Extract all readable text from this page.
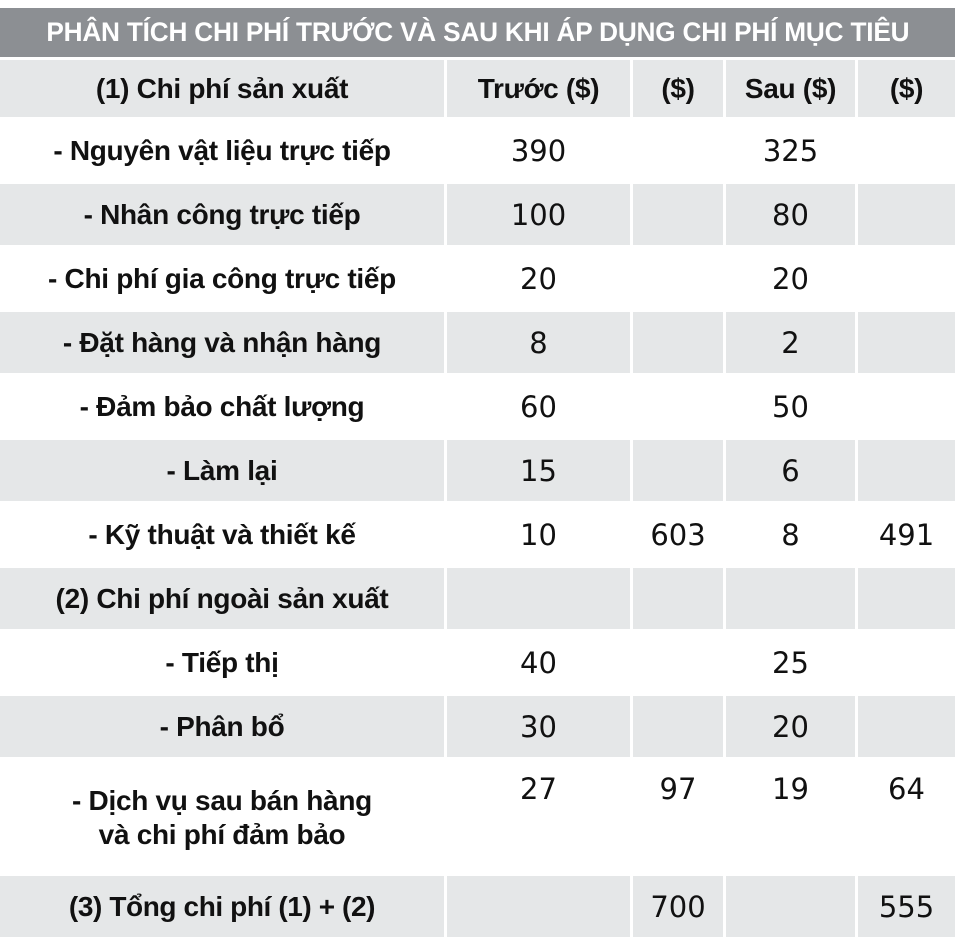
PHÂN TÍCH CHI PHÍ TRƯỚC VÀ SAU KHI ÁP DỤNG CHI PHÍ MỤC TIÊU
(1) Chi phí sản xuất	Trước ($)	($)	Sau ($)	($)
- Nguyên vật liệu trực tiếp	390		325	
- Nhân công trực tiếp	100		80	
- Chi phí gia công trực tiếp	20		20	
- Đặt hàng và nhận hàng	8		2	
- Đảm bảo chất lượng	60		50	
- Làm lại	15		6	
- Kỹ thuật và thiết kế	10	603	8	491
(2) Chi phí ngoài sản xuất				
- Tiếp thị	40		25	
- Phân bổ	30		20	

- Dịch vụ sau bán hàng
và chi phí đảm bảo	27	97	19	64
(3) Tổng chi phí (1) + (2)		700		555
